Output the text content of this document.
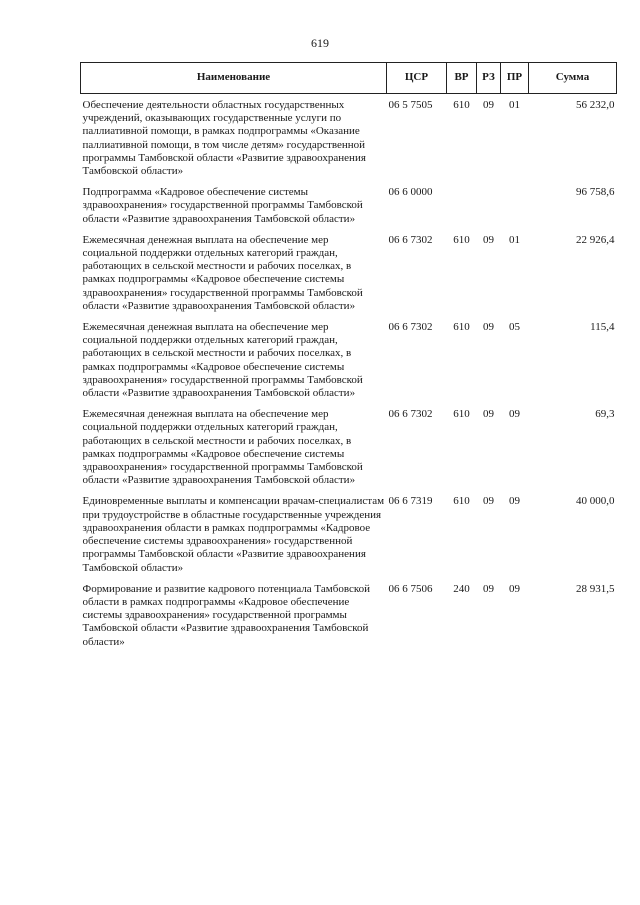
619
Наименование	ЦСР	ВР	РЗ	ПР	Сумма
Обеспечение деятельности областных государственных учреждений, оказывающих государственные услуги по паллиативной помощи, в рамках подпрограммы «Оказание паллиативной помощи, в том числе детям» государственной программы Тамбовской области «Развитие здравоохранения Тамбовской области»	06 5 7505	610	09	01	56 232,0
Подпрограмма «Кадровое обеспечение системы здравоохранения» государственной программы Тамбовской области «Развитие здравоохранения Тамбовской области»	06 6 0000				96 758,6
Ежемесячная денежная выплата на обеспечение мер социальной поддержки отдельных категорий граждан, работающих в сельской местности и рабочих поселках, в рамках подпрограммы «Кадровое обеспечение системы здравоохранения» государственной программы Тамбовской области «Развитие здравоохранения Тамбовской области»	06 6 7302	610	09	01	22 926,4
Ежемесячная денежная выплата на обеспечение мер социальной поддержки отдельных категорий граждан, работающих в сельской местности и рабочих поселках, в рамках подпрограммы «Кадровое обеспечение системы здравоохранения» государственной программы Тамбовской области «Развитие здравоохранения Тамбовской области»	06 6 7302	610	09	05	115,4
Ежемесячная денежная выплата на обеспечение мер социальной поддержки отдельных категорий граждан, работающих в сельской местности и рабочих поселках, в рамках подпрограммы «Кадровое обеспечение системы здравоохранения» государственной программы Тамбовской области «Развитие здравоохранения Тамбовской области»	06 6 7302	610	09	09	69,3
Единовременные выплаты и компенсации врачам-специалистам при трудоустройстве в областные государственные учреждения здравоохранения области в рамках подпрограммы «Кадровое обеспечение системы здравоохранения» государственной программы Тамбовской области «Развитие здравоохранения Тамбовской области»	06 6 7319	610	09	09	40 000,0
Формирование и развитие кадрового потенциала Тамбовской области в рамках подпрограммы «Кадровое обеспечение системы здравоохранения» государственной программы Тамбовской области «Развитие здравоохранения Тамбовской области»	06 6 7506	240	09	09	28 931,5
